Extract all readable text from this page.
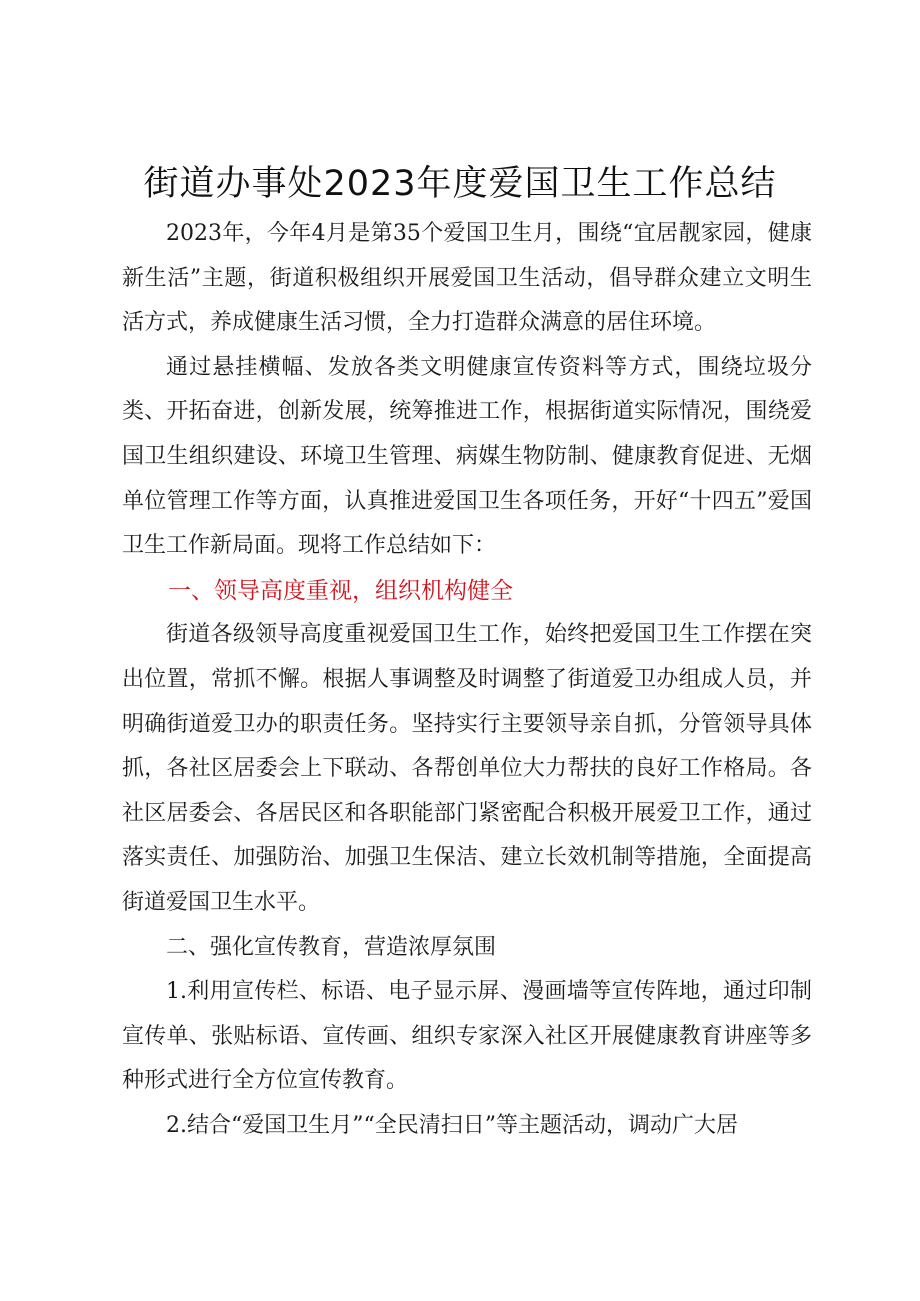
街道办事处2023年度爱国卫生工作总结

2023年，今年4月是第35个爱国卫生月，围绕“宜居靓家园，健康新生活”主题，街道积极组织开展爱国卫生活动，倡导群众建立文明生活方式，养成健康生活习惯，全力打造群众满意的居住环境。

通过悬挂横幅、发放各类文明健康宣传资料等方式，围绕垃圾分类、开拓奋进，创新发展，统筹推进工作，根据街道实际情况，围绕爱国卫生组织建设、环境卫生管理、病媒生物防制、健康教育促进、无烟单位管理工作等方面，认真推进爱国卫生各项任务，开好“十四五”爱国卫生工作新局面。现将工作总结如下：

一、领导高度重视，组织机构健全

街道各级领导高度重视爱国卫生工作，始终把爱国卫生工作摆在突出位置，常抓不懈。根据人事调整及时调整了街道爱卫办组成人员，并明确街道爱卫办的职责任务。坚持实行主要领导亲自抓，分管领导具体抓，各社区居委会上下联动、各帮创单位大力帮扶的良好工作格局。各社区居委会、各居民区和各职能部门紧密配合积极开展爱卫工作，通过落实责任、加强防治、加强卫生保洁、建立长效机制等措施，全面提高街道爱国卫生水平。

二、强化宣传教育，营造浓厚氛围

1.利用宣传栏、标语、电子显示屏、漫画墙等宣传阵地，通过印制宣传单、张贴标语、宣传画、组织专家深入社区开展健康教育讲座等多种形式进行全方位宣传教育。

2.结合“爱国卫生月”“全民清扫日”等主题活动，调动广大居
